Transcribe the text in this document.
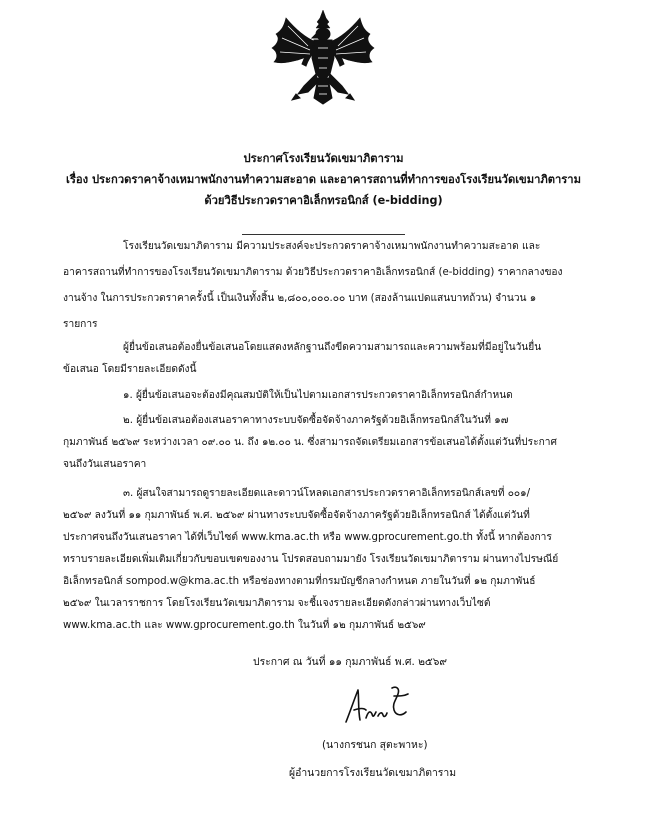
ประกาศโรงเรียนวัดเขมาภิตาราม
เรื่อง ประกวดราคาจ้างเหมาพนักงานทำความสะอาด และอาคารสถานที่ทำการของโรงเรียนวัดเขมาภิตาราม
ด้วยวิธีประกวดราคาอิเล็กทรอนิกส์ (e-bidding)
โรงเรียนวัดเขมาภิตาราม มีความประสงค์จะประกวดราคาจ้างเหมาพนักงานทำความสะอาด และ
อาคารสถานที่ทำการของโรงเรียนวัดเขมาภิตาราม ด้วยวิธีประกวดราคาอิเล็กทรอนิกส์ (e-bidding) ราคากลางของ
งานจ้าง ในการประกวดราคาครั้งนี้ เป็นเงินทั้งสิ้น ๒,๘๐๐,๐๐๐.๐๐ บาท (สองล้านแปดแสนบาทถ้วน) จำนวน ๑
รายการ
ผู้ยื่นข้อเสนอต้องยื่นข้อเสนอโดยแสดงหลักฐานถึงขีดความสามารถและความพร้อมที่มีอยู่ในวันยื่น
ข้อเสนอ โดยมีรายละเอียดดังนี้
๑. ผู้ยื่นข้อเสนอจะต้องมีคุณสมบัติให้เป็นไปตามเอกสารประกวดราคาอิเล็กทรอนิกส์กำหนด
๒. ผู้ยื่นข้อเสนอต้องเสนอราคาทางระบบจัดซื้อจัดจ้างภาครัฐด้วยอิเล็กทรอนิกส์ในวันที่ ๑๗
กุมภาพันธ์ ๒๕๖๙ ระหว่างเวลา ๐๙.๐๐ น. ถึง ๑๒.๐๐ น. ซึ่งสามารถจัดเตรียมเอกสารข้อเสนอได้ตั้งแต่วันที่ประกาศ
จนถึงวันเสนอราคา
๓. ผู้สนใจสามารถดูรายละเอียดและดาวน์โหลดเอกสารประกวดราคาอิเล็กทรอนิกส์เลขที่ ๐๐๑/
๒๕๖๙ ลงวันที่ ๑๑ กุมภาพันธ์ พ.ศ. ๒๕๖๙ ผ่านทางระบบจัดซื้อจัดจ้างภาครัฐด้วยอิเล็กทรอนิกส์ ได้ตั้งแต่วันที่
ประกาศจนถึงวันเสนอราคา ได้ที่เว็บไซต์ www.kma.ac.th หรือ www.gprocurement.go.th ทั้งนี้ หากต้องการ
ทราบรายละเอียดเพิ่มเติมเกี่ยวกับขอบเขตของงาน โปรดสอบถามมายัง โรงเรียนวัดเขมาภิตาราม ผ่านทางไปรษณีย์
อิเล็กทรอนิกส์ sompod.w@kma.ac.th หรือช่องทางตามที่กรมบัญชีกลางกำหนด ภายในวันที่ ๑๒ กุมภาพันธ์
๒๕๖๙ ในเวลาราชการ โดยโรงเรียนวัดเขมาภิตาราม จะชี้แจงรายละเอียดดังกล่าวผ่านทางเว็บไซต์
www.kma.ac.th และ www.gprocurement.go.th ในวันที่ ๑๒ กุมภาพันธ์ ๒๕๖๙
ประกาศ ณ วันที่ ๑๑ กุมภาพันธ์ พ.ศ. ๒๕๖๙
(นางกรชนก สุตะพาหะ)
ผู้อำนวยการโรงเรียนวัดเขมาภิตาราม
